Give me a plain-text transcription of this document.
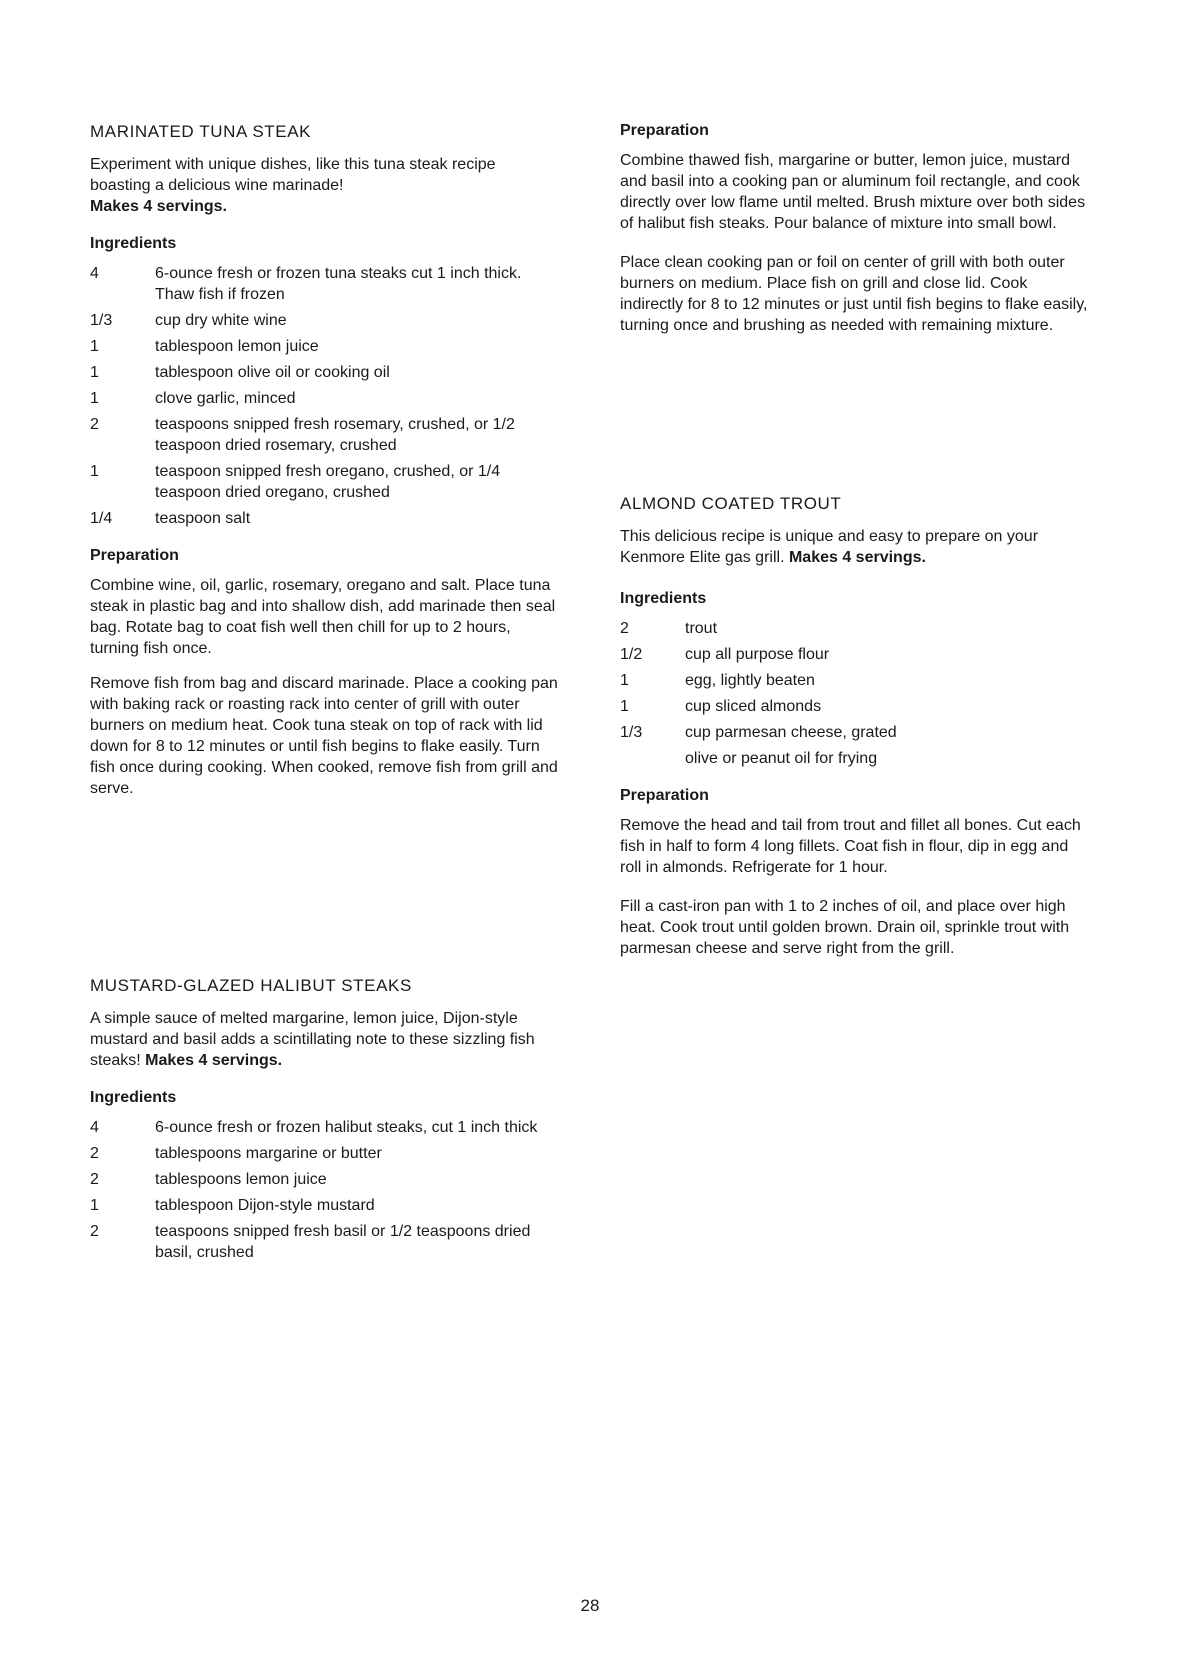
MARINATED TUNA STEAK

Experiment with unique dishes, like this tuna steak recipe boasting a delicious wine marinade!
Makes 4 servings.

Ingredients
4	6-ounce fresh or frozen tuna steaks cut 1 inch thick. Thaw fish if frozen
1/3	cup dry white wine
1	tablespoon lemon juice
1	tablespoon olive oil or cooking oil
1	clove garlic, minced
2	teaspoons snipped fresh rosemary, crushed, or 1/2 teaspoon dried rosemary, crushed
1	teaspoon snipped fresh oregano, crushed, or 1/4 teaspoon dried oregano, crushed
1/4	teaspoon salt
Preparation

Combine wine, oil, garlic, rosemary, oregano and salt. Place tuna steak in plastic bag and into shallow dish, add marinade then seal bag. Rotate bag to coat fish well then chill for up to 2 hours, turning fish once.

Remove fish from bag and discard marinade. Place a cooking pan with baking rack or roasting rack into center of grill with outer burners on medium heat. Cook tuna steak on top of rack with lid down for 8 to 12 minutes or until fish begins to flake easily. Turn fish once during cooking. When cooked, remove fish from grill and serve.

MUSTARD-GLAZED HALIBUT STEAKS

A simple sauce of melted margarine, lemon juice, Dijon-style mustard and basil adds a scintillating note to these sizzling fish steaks! Makes 4 servings.

Ingredients
4	6-ounce fresh or frozen halibut steaks, cut 1 inch thick
2	tablespoons margarine or butter
2	tablespoons lemon juice
1	tablespoon Dijon-style mustard
2	teaspoons snipped fresh basil or 1/2 teaspoons dried basil, crushed
Preparation

Combine thawed fish, margarine or butter, lemon juice, mustard and basil into a cooking pan or aluminum foil rectangle, and cook directly over low flame until melted. Brush mixture over both sides of halibut fish steaks. Pour balance of mixture into small bowl.

Place clean cooking pan or foil on center of grill with both outer burners on medium. Place fish on grill and close lid. Cook indirectly for 8 to 12 minutes or just until fish begins to flake easily, turning once and brushing as needed with remaining mixture.

ALMOND COATED TROUT

This delicious recipe is unique and easy to prepare on your Kenmore Elite gas grill. Makes 4 servings.

Ingredients
2	trout
1/2	cup all purpose flour
1	egg, lightly beaten
1	cup sliced almonds
1/3	cup parmesan cheese, grated
olive or peanut oil for frying
Preparation

Remove the head and tail from trout and fillet all bones. Cut each fish in half to form 4 long fillets. Coat fish in flour, dip in egg and roll in almonds. Refrigerate for 1 hour.

Fill a cast-iron pan with 1 to 2 inches of oil, and place over high heat. Cook trout until golden brown. Drain oil, sprinkle trout with parmesan cheese and serve right from the grill.

28
